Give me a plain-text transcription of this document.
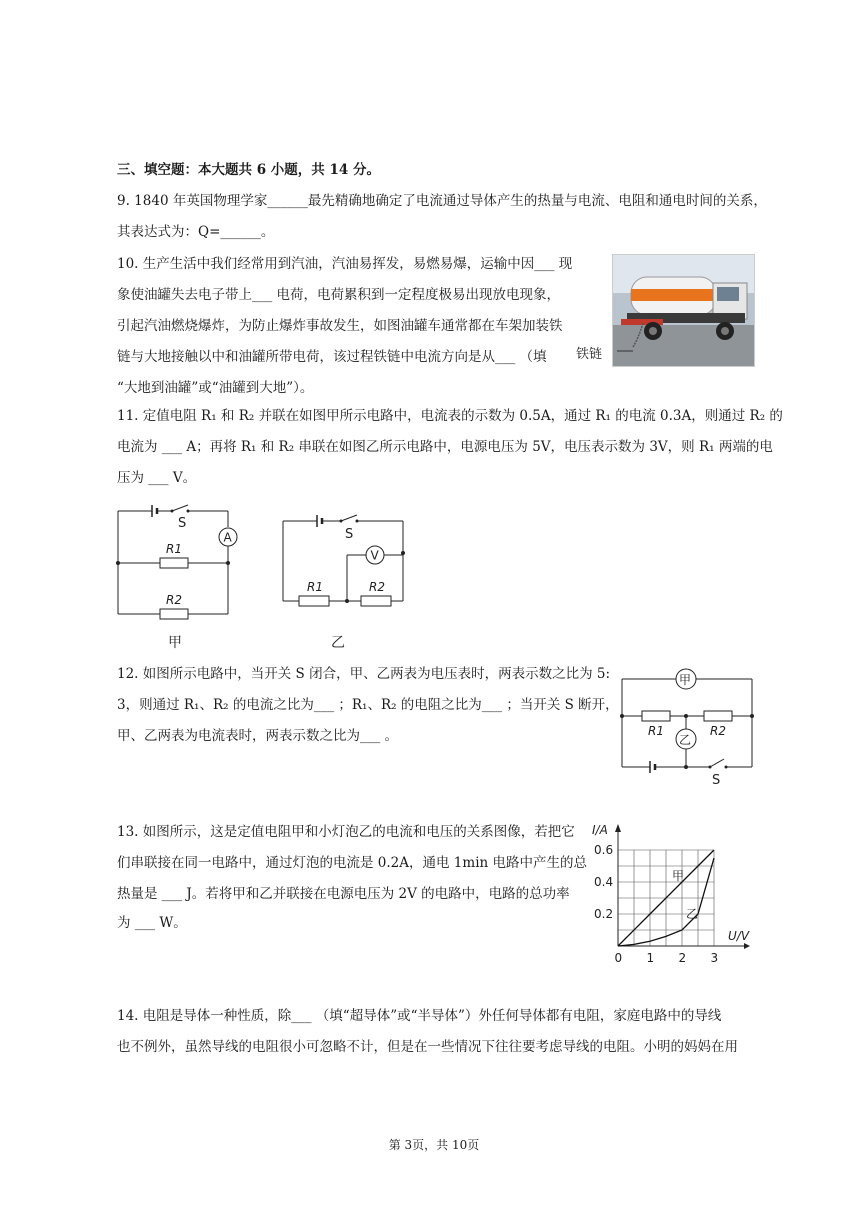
三、填空题：本大题共 6 小题，共 14 分。
9. 1840 年英国物理学家______最先精确地确定了电流通过导体产生的热量与电流、电阻和通电时间的关系，
其表达式为：Q=______。
10. 生产生活中我们经常用到汽油，汽油易挥发，易燃易爆，运输中因___ 现
象使油罐失去电子带上___ 电荷，电荷累积到一定程度极易出现放电现象，
引起汽油燃烧爆炸，为防止爆炸事故发生，如图油罐车通常都在车架加装铁
链与大地接触以中和油罐所带电荷，该过程铁链中电流方向是从___ （填
“大地到油罐”或“油罐到大地”）。
铁链
11. 定值电阻 R₁ 和 R₂ 并联在如图甲所示电路中，电流表的示数为 0.5A，通过 R₁ 的电流 0.3A，则通过 R₂ 的
电流为 ___ A；再将 R₁ 和 R₂ 串联在如图乙所示电路中，电源电压为 5V，电压表示数为 3V，则 R₁ 两端的电
压为 ___ V。
S
A
R1
R2
甲
S
R1	R2
V
乙
12. 如图所示电路中，当开关 S 闭合，甲、乙两表为电压表时，两表示数之比为 5:
3，则通过 R₁、R₂ 的电流之比为___ ；R₁、R₂ 的电阻之比为___ ；当开关 S 断开，
甲、乙两表为电流表时，两表示数之比为___ 。
甲
R1	R2
乙
S
13. 如图所示，这是定值电阻甲和小灯泡乙的电流和电压的关系图像，若把它
们串联接在同一电路中，通过灯泡的电流是 0.2A，通电 1min 电路中产生的总
热量是 ___ J。若将甲和乙并联接在电源电压为 2V 的电路中，电路的总功率
为 ___ W。
I/A
U/V
0 1 2 3
0.2
0.4
0.6
甲
乙
14. 电阻是导体一种性质，除___ （填“超导体”或“半导体”）外任何导体都有电阻，家庭电路中的导线
也不例外，虽然导线的电阻很小可忽略不计，但是在一些情况下往往要考虑导线的电阻。小明的妈妈在用
第 3页，共 10页
